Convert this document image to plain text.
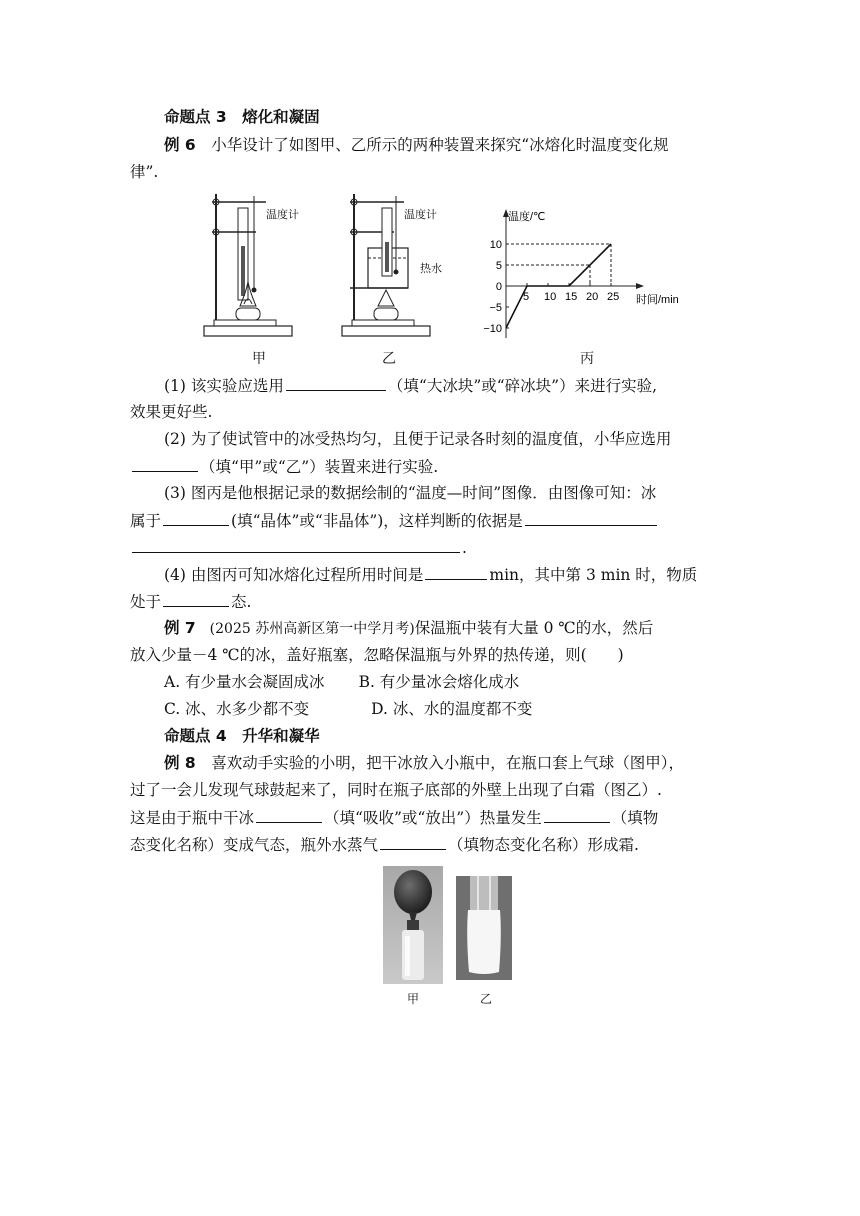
命题点 3　熔化和凝固
例 6　小华设计了如图甲、乙所示的两种装置来探究“冰熔化时温度变化规
律”.
温度计	温度计
热水
温度/℃
时间/min
5 10 15 20 25
10
5
0
−5
−10
甲	乙	丙
(1) 该实验应选用	（填“大冰块”或“碎冰块”）来进行实验,
效果更好些.
(2) 为了使试管中的冰受热均匀，且便于记录各时刻的温度值，小华应选用
（填“甲”或“乙”）装置来进行实验.
(3) 图丙是他根据记录的数据绘制的“温度—时间”图像．由图像可知：冰
属于	(填“晶体”或“非晶体”)，这样判断的依据是
.
(4) 由图丙可知冰熔化过程所用时间是	min，其中第 3 min 时，物质
处于	态.
例 7　(2025 苏州高新区第一中学月考)保温瓶中装有大量 0 ℃的水，然后
放入少量－4 ℃的冰，盖好瓶塞，忽略保温瓶与外界的热传递，则(　　)
A. 有少量水会凝固成冰 B. 有少量冰会熔化成水
C. 冰、水多少都不变	D. 冰、水的温度都不变
命题点 4　升华和凝华
例 8　喜欢动手实验的小明，把干冰放入小瓶中，在瓶口套上气球（图甲），
过了一会儿发现气球鼓起来了，同时在瓶子底部的外壁上出现了白霜（图乙）.
这是由于瓶中干冰	（填“吸收”或“放出”）热量发生	（填物
态变化名称）变成气态，瓶外水蒸气	（填物态变化名称）形成霜.
甲	乙
